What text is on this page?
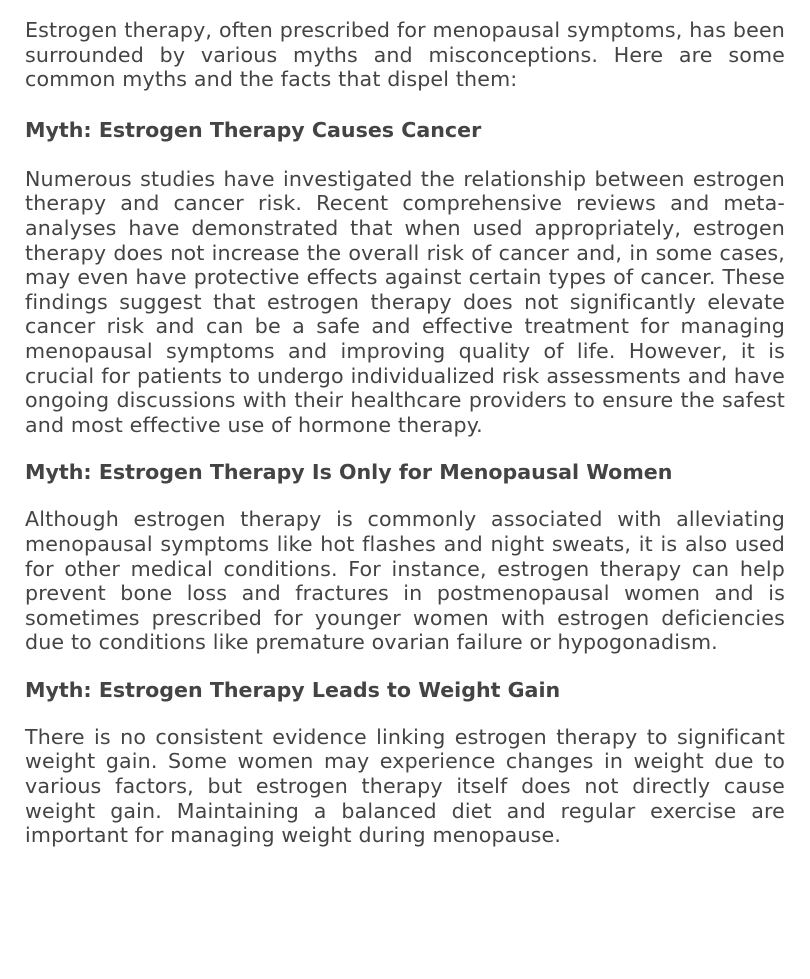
Estrogen therapy, often prescribed for menopausal symptoms, has been surrounded by various myths and misconceptions. Here are some common myths and the facts that dispel them:

Myth: Estrogen Therapy Causes Cancer

Numerous studies have investigated the relationship between estrogen therapy and cancer risk. Recent comprehensive reviews and meta-analyses have demonstrated that when used appropriately, estrogen therapy does not increase the overall risk of cancer and, in some cases, may even have protective effects against certain types of cancer. These findings suggest that estrogen therapy does not significantly elevate cancer risk and can be a safe and effective treatment for managing menopausal symptoms and improving quality of life. However, it is crucial for patients to undergo individualized risk assessments and have ongoing discussions with their healthcare providers to ensure the safest and most effective use of hormone therapy.

Myth: Estrogen Therapy Is Only for Menopausal Women

Although estrogen therapy is commonly associated with alleviating menopausal symptoms like hot flashes and night sweats, it is also used for other medical conditions. For instance, estrogen therapy can help prevent bone loss and fractures in postmenopausal women and is sometimes prescribed for younger women with estrogen deficiencies due to conditions like premature ovarian failure or hypogonadism.

Myth: Estrogen Therapy Leads to Weight Gain

There is no consistent evidence linking estrogen therapy to significant weight gain. Some women may experience changes in weight due to various factors, but estrogen therapy itself does not directly cause weight gain. Maintaining a balanced diet and regular exercise are important for managing weight during menopause.
